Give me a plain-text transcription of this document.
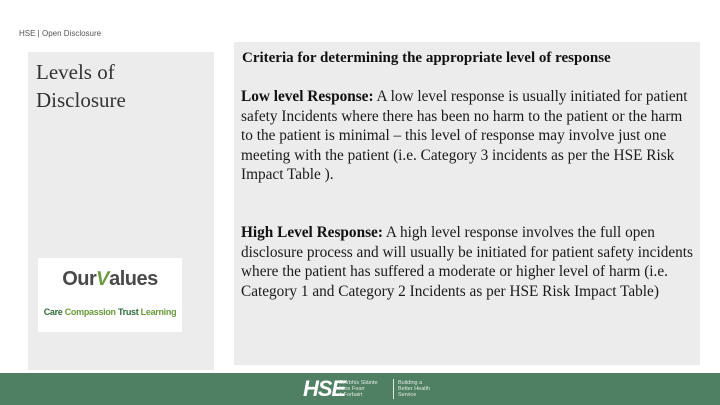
HSE | Open Disclosure
Levels of Disclosure
OurValues
Care Compassion Trust Learning
Criteria for determining the appropriate level of response
Low level Response: A low level response is usually initiated for patient safety Incidents where there has been no harm to the patient or the harm to the patient is minimal – this level of response may involve just one meeting with the patient (i.e. Category 3 incidents as per the HSE Risk Impact Table ).
High Level Response: A high level response involves the full open disclosure process and will usually be initiated for patient safety incidents where the patient has suffered a moderate or higher level of harm (i.e. Category 1 and Category 2 Incidents as per HSE Risk Impact Table)
HSE
Seirbhís Sláinte
Níos Fearr
á Forbairt
Building a
Better Health
Service
